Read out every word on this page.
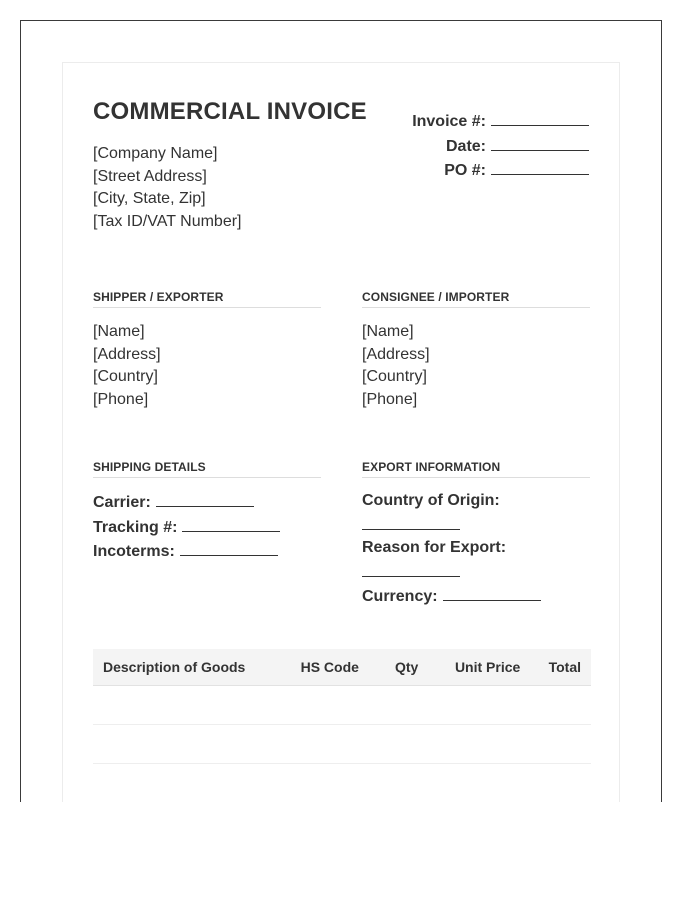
COMMERCIAL INVOICE
[Company Name]
[Street Address]
[City, State, Zip]
[Tax ID/VAT Number]
Invoice #:
Date:
PO #:
SHIPPER / EXPORTER
[Name]
[Address]
[Country]
[Phone]
CONSIGNEE / IMPORTER
[Name]
[Address]
[Country]
[Phone]
SHIPPING DETAILS
Carrier:
Tracking #:
Incoterms:
EXPORT INFORMATION
Country of Origin:
Reason for Export:
Currency:
Description of Goods	HS Code	Qty	Unit Price	Total
